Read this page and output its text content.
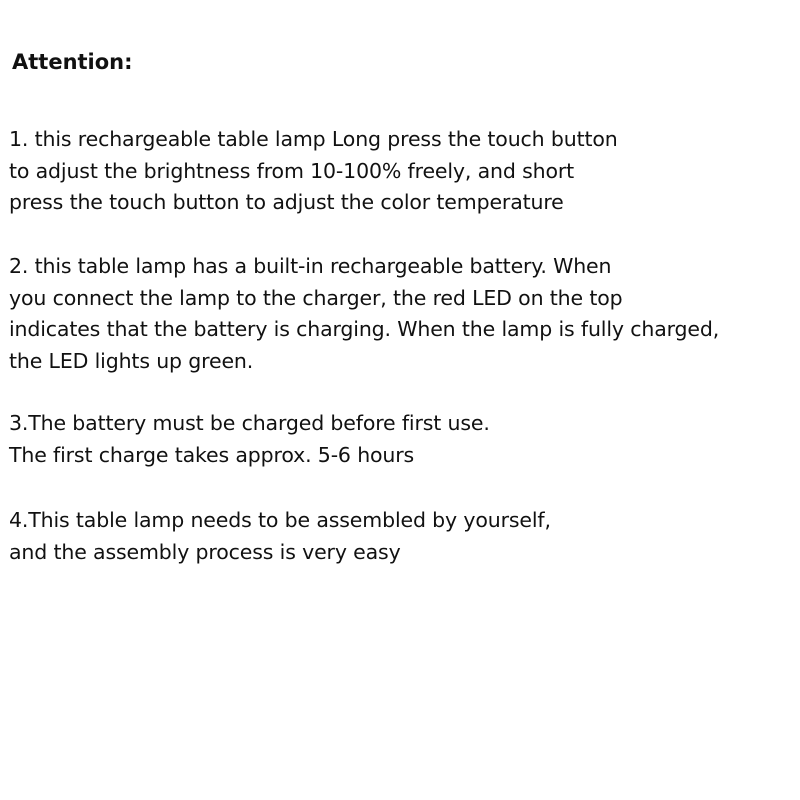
Attention:
1. this rechargeable table lamp Long press the touch button
to adjust the brightness from 10-100% freely, and short
press the touch button to adjust the color temperature
2. this table lamp has a built-in rechargeable battery. When
you connect the lamp to the charger, the red LED on the top
indicates that the battery is charging. When the lamp is fully charged,
the LED lights up green.
3.The battery must be charged before first use.
The first charge takes approx. 5-6 hours
4.This table lamp needs to be assembled by yourself,
and the assembly process is very easy
